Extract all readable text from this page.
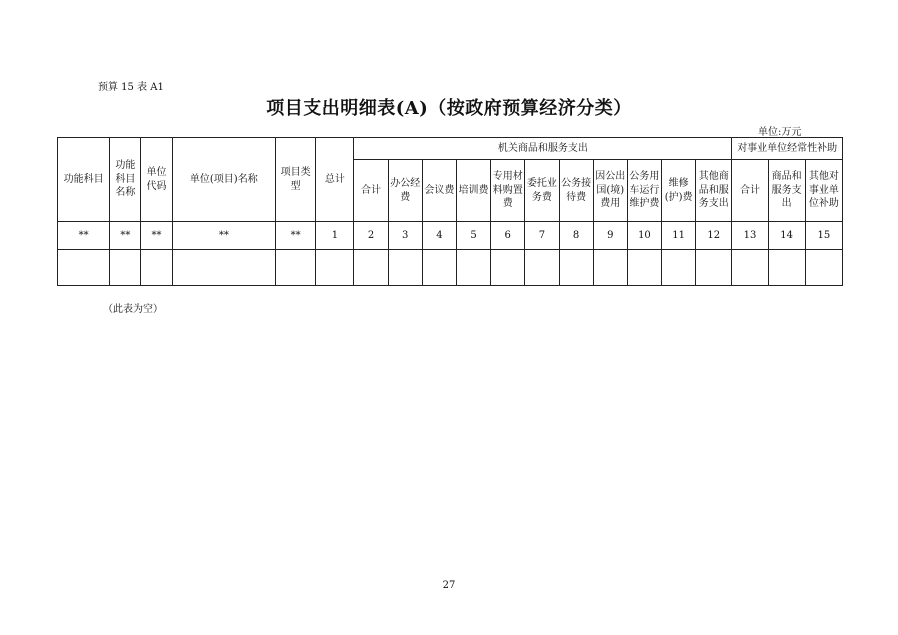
预算 15 表 A1
项目支出明细表(A)（按政府预算经济分类）
单位:万元
功能科目	功能科目名称	单位代码	单位(项目)名称	项目类型	总计	机关商品和服务支出											对事业单位经常性补助		
						合计	办公经费	会议费	培训费	专用材料购置费	委托业务费	公务接待费	因公出国(境)费用	公务用车运行维护费	维修(护)费	其他商品和服务支出	合计	商品和服务支出	其他对事业单位补助
**	**	**	**	**	1	2	3	4	5	6	7	8	9	10	11	12	13	14	15

（此表为空）
27
